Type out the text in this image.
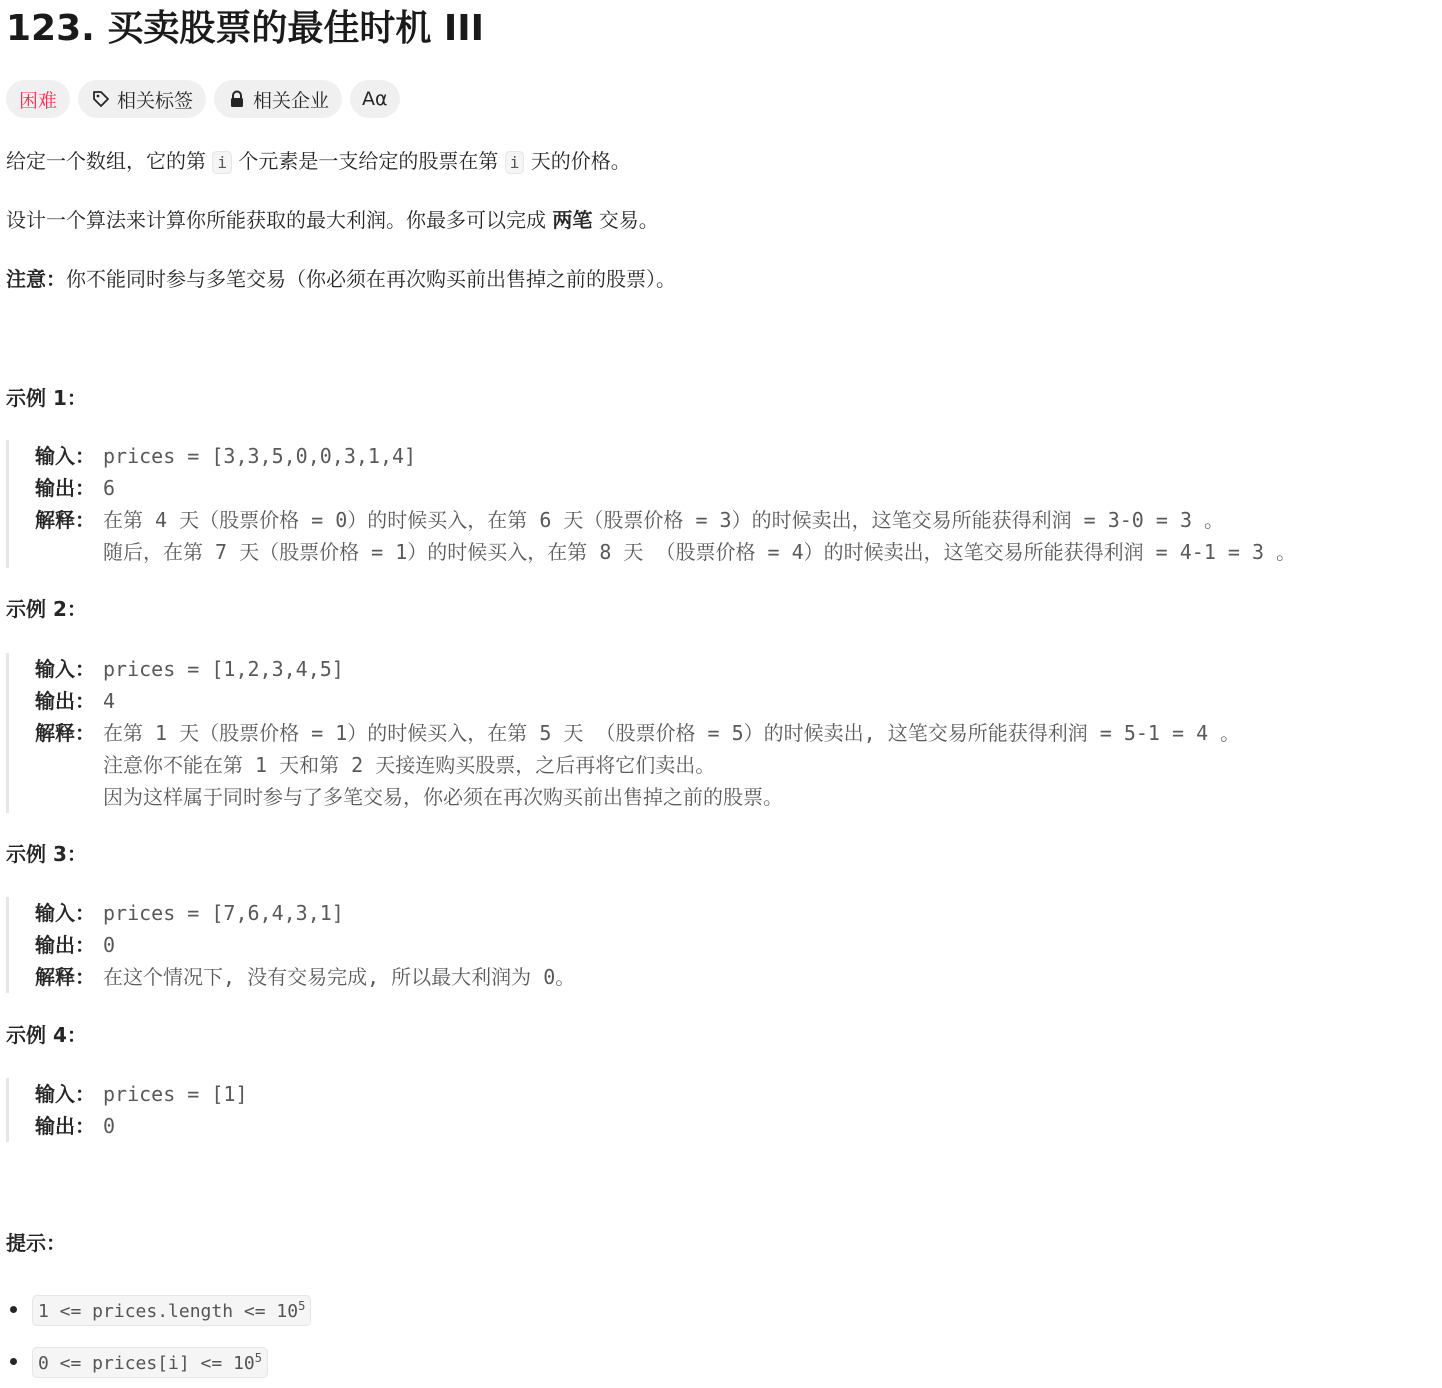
123. 买卖股票的最佳时机 III
困难	相关标签	相关企业 Aα

给定一个数组，它的第 i 个元素是一支给定的股票在第 i 天的价格。

设计一个算法来计算你所能获取的最大利润。你最多可以完成 两笔 交易。

注意：你不能同时参与多笔交易（你必须在再次购买前出售掉之前的股票）。

示例 1：
输入： prices = [3,3,5,0,0,3,1,4]
输出： 6
解释： 在第 4 天（股票价格 = 0）的时候买入，在第 6 天（股票价格 = 3）的时候卖出，这笔交易所能获得利润 = 3-0 = 3 。
随后，在第 7 天（股票价格 = 1）的时候买入，在第 8 天 （股票价格 = 4）的时候卖出，这笔交易所能获得利润 = 4-1 = 3 。
示例 2：
输入： prices = [1,2,3,4,5]
输出： 4
解释： 在第 1 天（股票价格 = 1）的时候买入，在第 5 天 （股票价格 = 5）的时候卖出, 这笔交易所能获得利润 = 5-1 = 4 。
注意你不能在第 1 天和第 2 天接连购买股票，之后再将它们卖出。
因为这样属于同时参与了多笔交易，你必须在再次购买前出售掉之前的股票。
示例 3：
输入： prices = [7,6,4,3,1]
输出： 0
解释： 在这个情况下, 没有交易完成, 所以最大利润为 0。
示例 4：
输入： prices = [1]
输出： 0
提示：
1 <= prices.length <= $10^5$
0 <= prices[i] <= $10^5$
